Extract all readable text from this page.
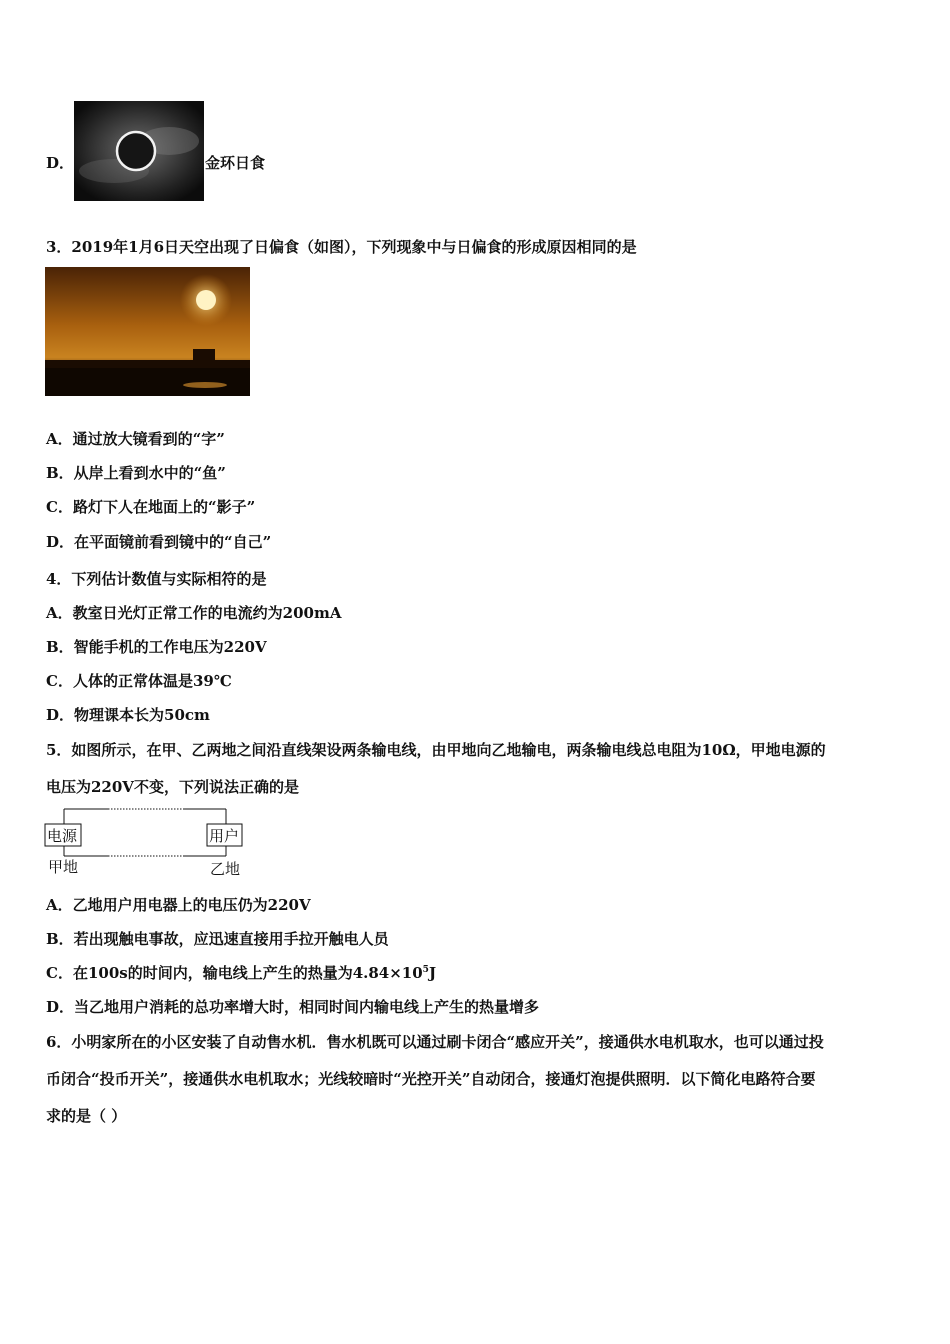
D．	金环日食
3．2019年1月6日天空出现了日偏食（如图），下列现象中与日偏食的形成原因相同的是
A．通过放大镜看到的“字”
B．从岸上看到水中的“鱼”
C．路灯下人在地面上的“影子”
D．在平面镜前看到镜中的“自己”
4．下列估计数值与实际相符的是
A．教室日光灯正常工作的电流约为200mA
B．智能手机的工作电压为220V
C．人体的正常体温是39℃
D．物理课本长为50cm
5．如图所示，在甲、乙两地之间沿直线架设两条输电线，由甲地向乙地输电，两条输电线总电阻为10Ω，甲地电源的
电压为220V不变，下列说法正确的是
电源	用户
甲地	乙地
A．乙地用户用电器上的电压仍为220V
B．若出现触电事故，应迅速直接用手拉开触电人员
C．在100s的时间内，输电线上产生的热量为$4.84\times 10^5J$
D．当乙地用户消耗的总功率增大时，相同时间内输电线上产生的热量增多
6．小明家所在的小区安装了自动售水机．售水机既可以通过刷卡闭合“感应开关”，接通供水电机取水，也可以通过投
币闭合“投币开关”，接通供水电机取水；光线较暗时“光控开关”自动闭合，接通灯泡提供照明．以下简化电路符合要
求的是（ ）
